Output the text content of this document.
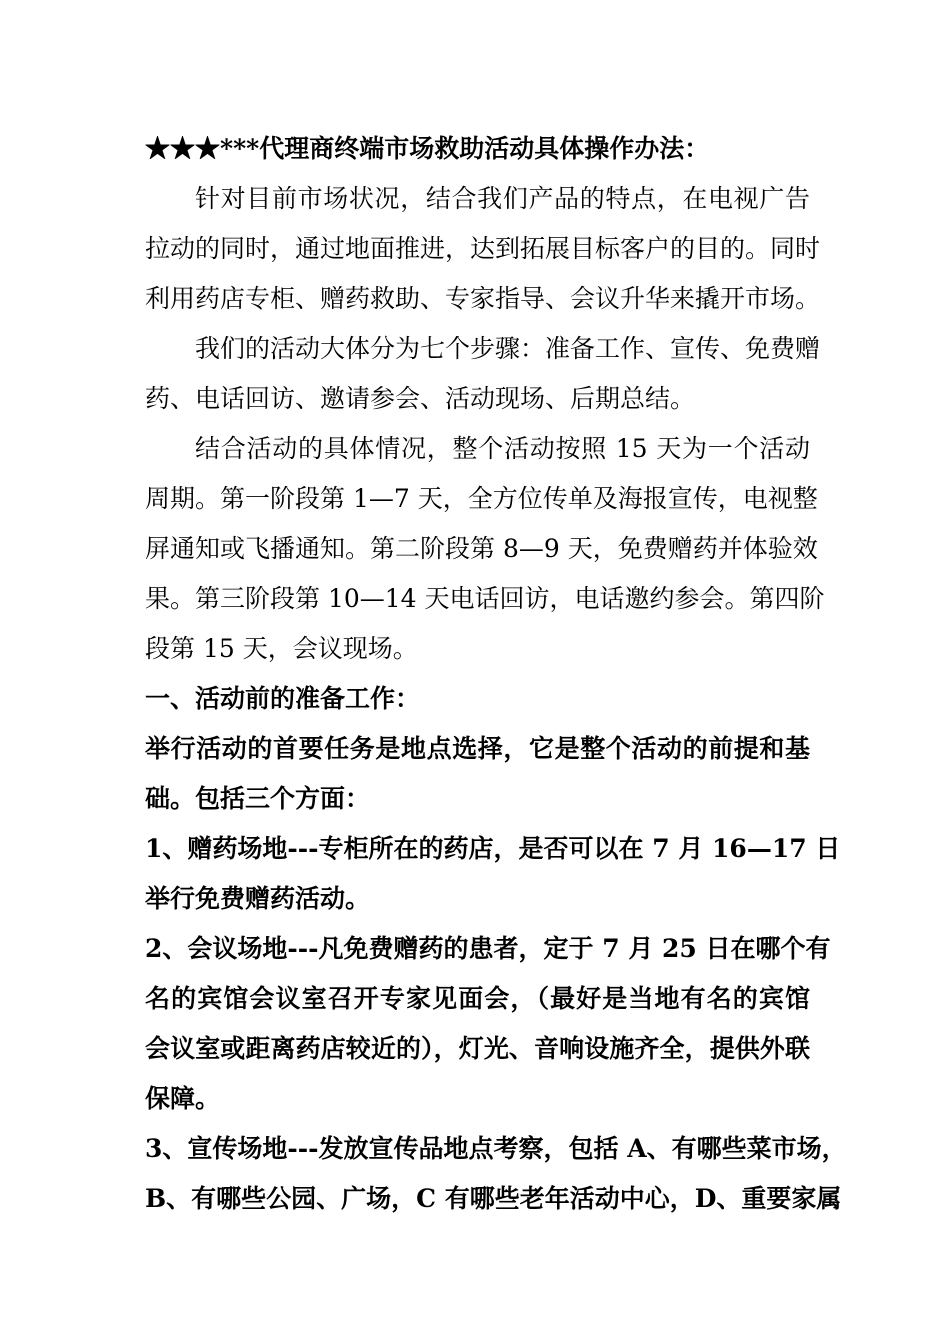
★★★***代理商终端市场救助活动具体操作办法：
针对目前市场状况，结合我们产品的特点，在电视广告
拉动的同时，通过地面推进，达到拓展目标客户的目的。同时
利用药店专柜、赠药救助、专家指导、会议升华来撬开市场。
我们的活动大体分为七个步骤：准备工作、宣传、免费赠
药、电话回访、邀请参会、活动现场、后期总结。
结合活动的具体情况，整个活动按照 15 天为一个活动
周期。第一阶段第 1—7 天，全方位传单及海报宣传，电视整
屏通知或飞播通知。第二阶段第 8—9 天，免费赠药并体验效
果。第三阶段第 10—14 天电话回访，电话邀约参会。第四阶
段第 15 天，会议现场。
一、活动前的准备工作：
举行活动的首要任务是地点选择，它是整个活动的前提和基
础。包括三个方面：
1、赠药场地---专柜所在的药店，是否可以在 7 月 16—17 日
举行免费赠药活动。
2、会议场地---凡免费赠药的患者，定于 7 月 25 日在哪个有
名的宾馆会议室召开专家见面会，（最好是当地有名的宾馆
会议室或距离药店较近的），灯光、音响设施齐全，提供外联
保障。
3、宣传场地---发放宣传品地点考察，包括 A、有哪些菜市场，
B、有哪些公园、广场，C 有哪些老年活动中心，D、重要家属
